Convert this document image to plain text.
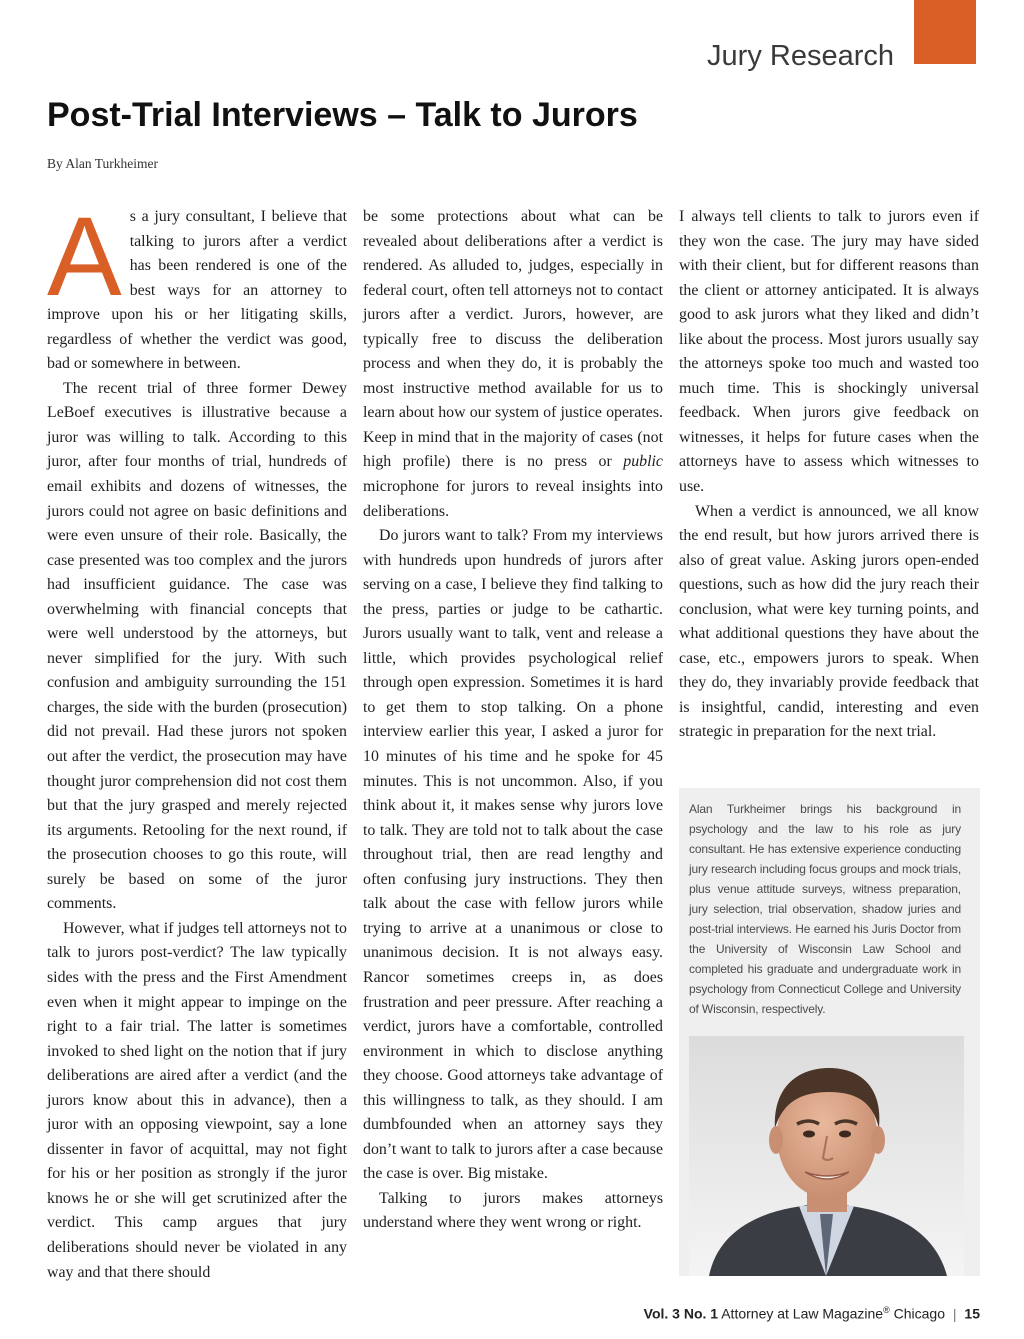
Jury Research
Post-Trial Interviews – Talk to Jurors
By Alan Turkheimer

As a jury consultant, I believe that talking to jurors after a verdict has been rendered is one of the best ways for an attorney to improve upon his or her litigating skills, regardless of whether the verdict was good, bad or somewhere in between.

The recent trial of three former Dewey LeBoef executives is illustrative because a juror was willing to talk. According to this juror, after four months of trial, hundreds of email exhibits and dozens of witnesses, the jurors could not agree on basic definitions and were even unsure of their role. Basically, the case presented was too complex and the jurors had insufficient guidance. The case was overwhelming with financial concepts that were well understood by the attorneys, but never simplified for the jury. With such confusion and ambiguity surrounding the 151 charges, the side with the burden (prosecution) did not prevail. Had these jurors not spoken out after the verdict, the prosecution may have thought juror comprehension did not cost them but that the jury grasped and merely rejected its arguments. Retooling for the next round, if the prosecution chooses to go this route, will surely be based on some of the juror comments.

However, what if judges tell attorneys not to talk to jurors post-verdict? The law typically sides with the press and the First Amendment even when it might appear to impinge on the right to a fair trial. The latter is sometimes invoked to shed light on the notion that if jury deliberations are aired after a verdict (and the jurors know about this in advance), then a juror with an opposing viewpoint, say a lone dissenter in favor of acquittal, may not fight for his or her position as strongly if the juror knows he or she will get scrutinized after the verdict. This camp argues that jury deliberations should never be violated in any way and that there should

be some protections about what can be revealed about deliberations after a verdict is rendered. As alluded to, judges, especially in federal court, often tell attorneys not to contact jurors after a verdict. Jurors, however, are typically free to discuss the deliberation process and when they do, it is probably the most instructive method available for us to learn about how our system of justice operates. Keep in mind that in the majority of cases (not high profile) there is no press or public microphone for jurors to reveal insights into deliberations.

Do jurors want to talk? From my interviews with hundreds upon hundreds of jurors after serving on a case, I believe they find talking to the press, parties or judge to be cathartic. Jurors usually want to talk, vent and release a little, which provides psychological relief through open expression. Sometimes it is hard to get them to stop talking. On a phone interview earlier this year, I asked a juror for 10 minutes of his time and he spoke for 45 minutes. This is not uncommon. Also, if you think about it, it makes sense why jurors love to talk. They are told not to talk about the case throughout trial, then are read lengthy and often confusing jury instructions. They then talk about the case with fellow jurors while trying to arrive at a unanimous or close to unanimous decision. It is not always easy. Rancor sometimes creeps in, as does frustration and peer pressure. After reaching a verdict, jurors have a comfortable, controlled environment in which to disclose anything they choose. Good attorneys take advantage of this willingness to talk, as they should. I am dumbfounded when an attorney says they don’t want to talk to jurors after a case because the case is over. Big mistake.

Talking to jurors makes attorneys understand where they went wrong or right.

I always tell clients to talk to jurors even if they won the case. The jury may have sided with their client, but for different reasons than the client or attorney anticipated. It is always good to ask jurors what they liked and didn’t like about the process. Most jurors usually say the attorneys spoke too much and wasted too much time. This is shockingly universal feedback. When jurors give feedback on witnesses, it helps for future cases when the attorneys have to assess which witnesses to use.

When a verdict is announced, we all know the end result, but how jurors arrived there is also of great value. Asking jurors open-ended questions, such as how did the jury reach their conclusion, what were key turning points, and what additional questions they have about the case, etc., empowers jurors to speak. When they do, they invariably provide feedback that is insightful, candid, interesting and even strategic in preparation for the next trial.

Alan Turkheimer brings his background in psychology and the law to his role as jury consultant. He has extensive experience conducting jury research including focus groups and mock trials, plus venue attitude surveys, witness preparation, jury selection, trial observation, shadow juries and post-trial interviews. He earned his Juris Doctor from the University of Wisconsin Law School and completed his graduate and undergraduate work in psychology from Connecticut College and University of Wisconsin, respectively.
Vol. 3 No. 1 Attorney at Law Magazine® Chicago | 15
